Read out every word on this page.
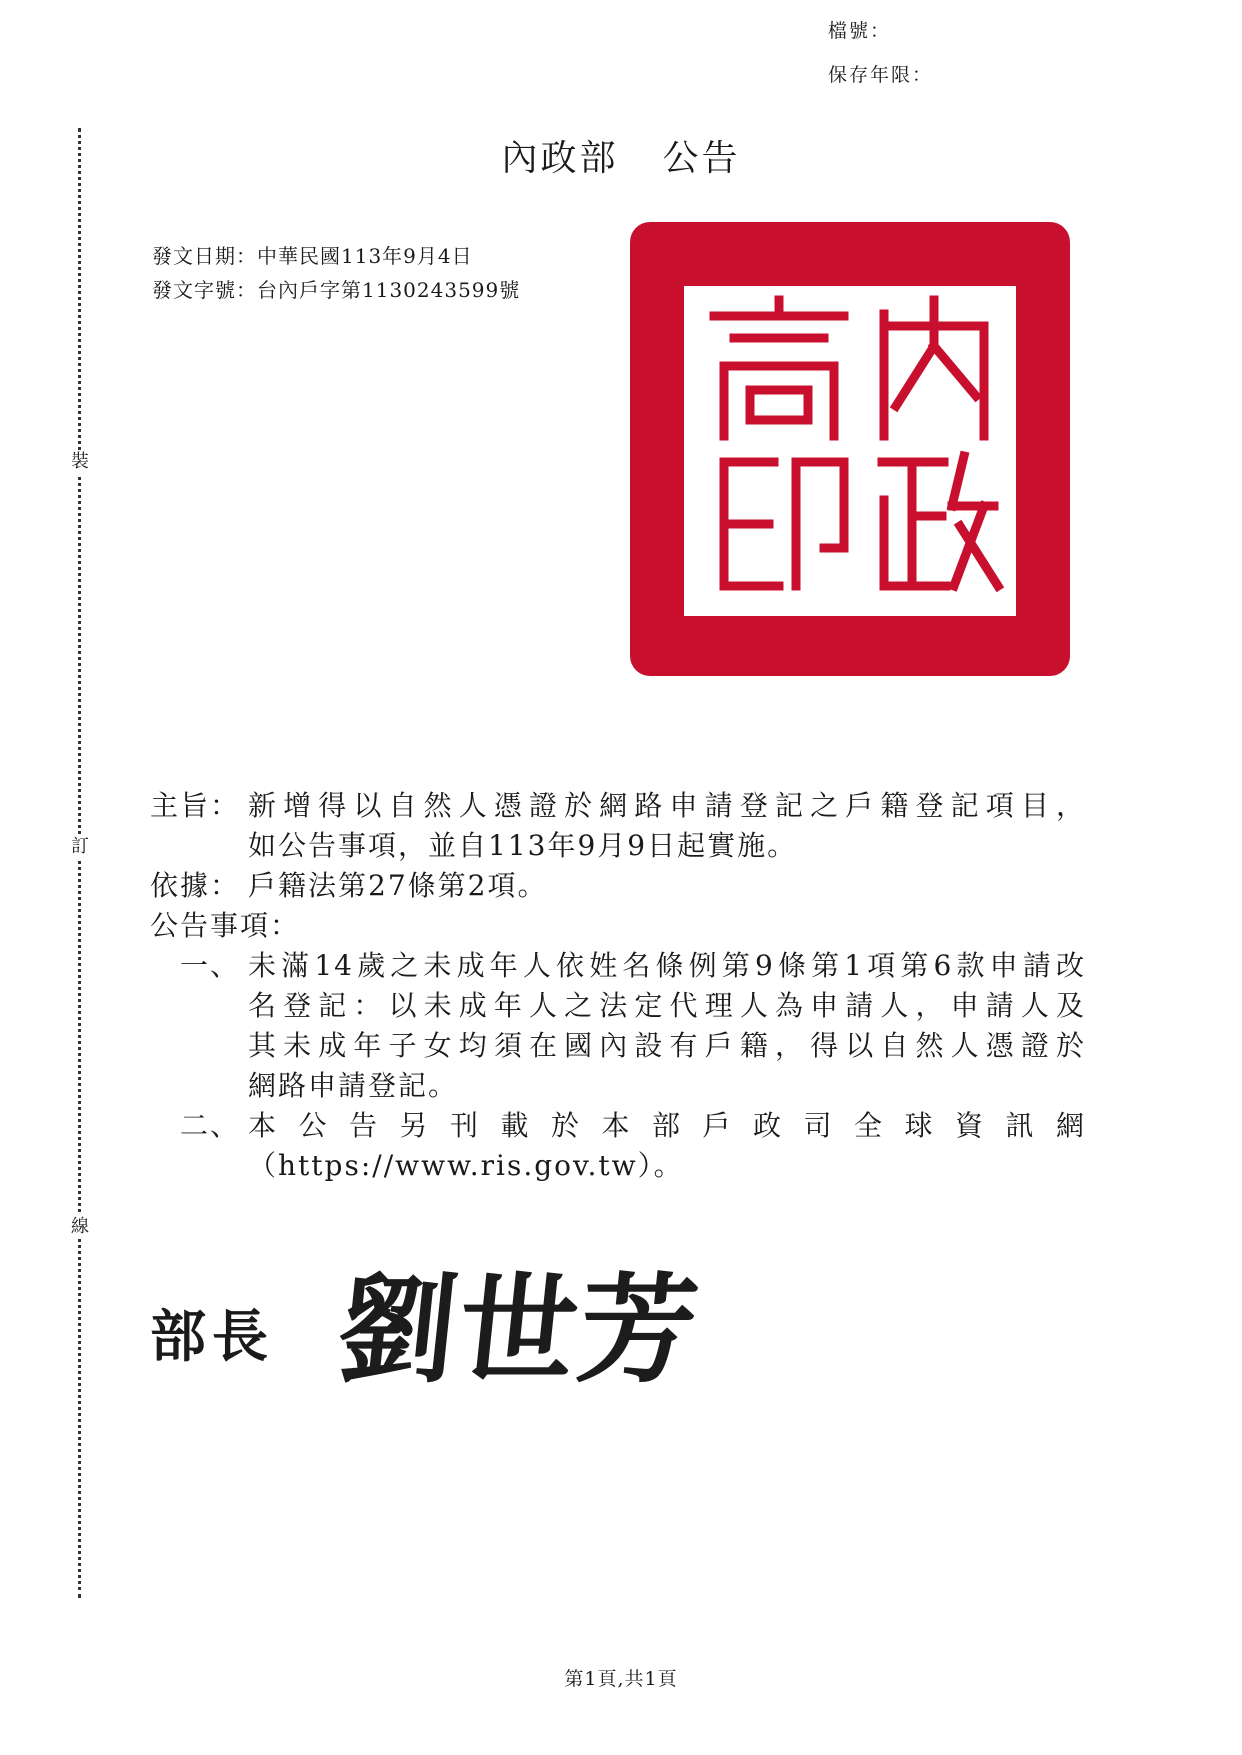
檔號：
保存年限：
裝
訂
線
內政部 公告
發文日期：中華民國113年9月4日
發文字號：台內戶字第1130243599號
主旨： 新增得以自然人憑證於網路申請登記之戶籍登記項目，
如公告事項，並自113年9月9日起實施。
依據： 戶籍法第27條第2項。
公告事項：
一、 未滿14歲之未成年人依姓名條例第9條第1項第6款申請改
名登記：以未成年人之法定代理人為申請人，申請人及
其未成年子女均須在國內設有戶籍，得以自然人憑證於
網路申請登記。
二、 本公告另刊載於本部戶政司全球資訊網
（https://www.ris.gov.tw）。
部長 劉世芳
第1頁,共1頁
